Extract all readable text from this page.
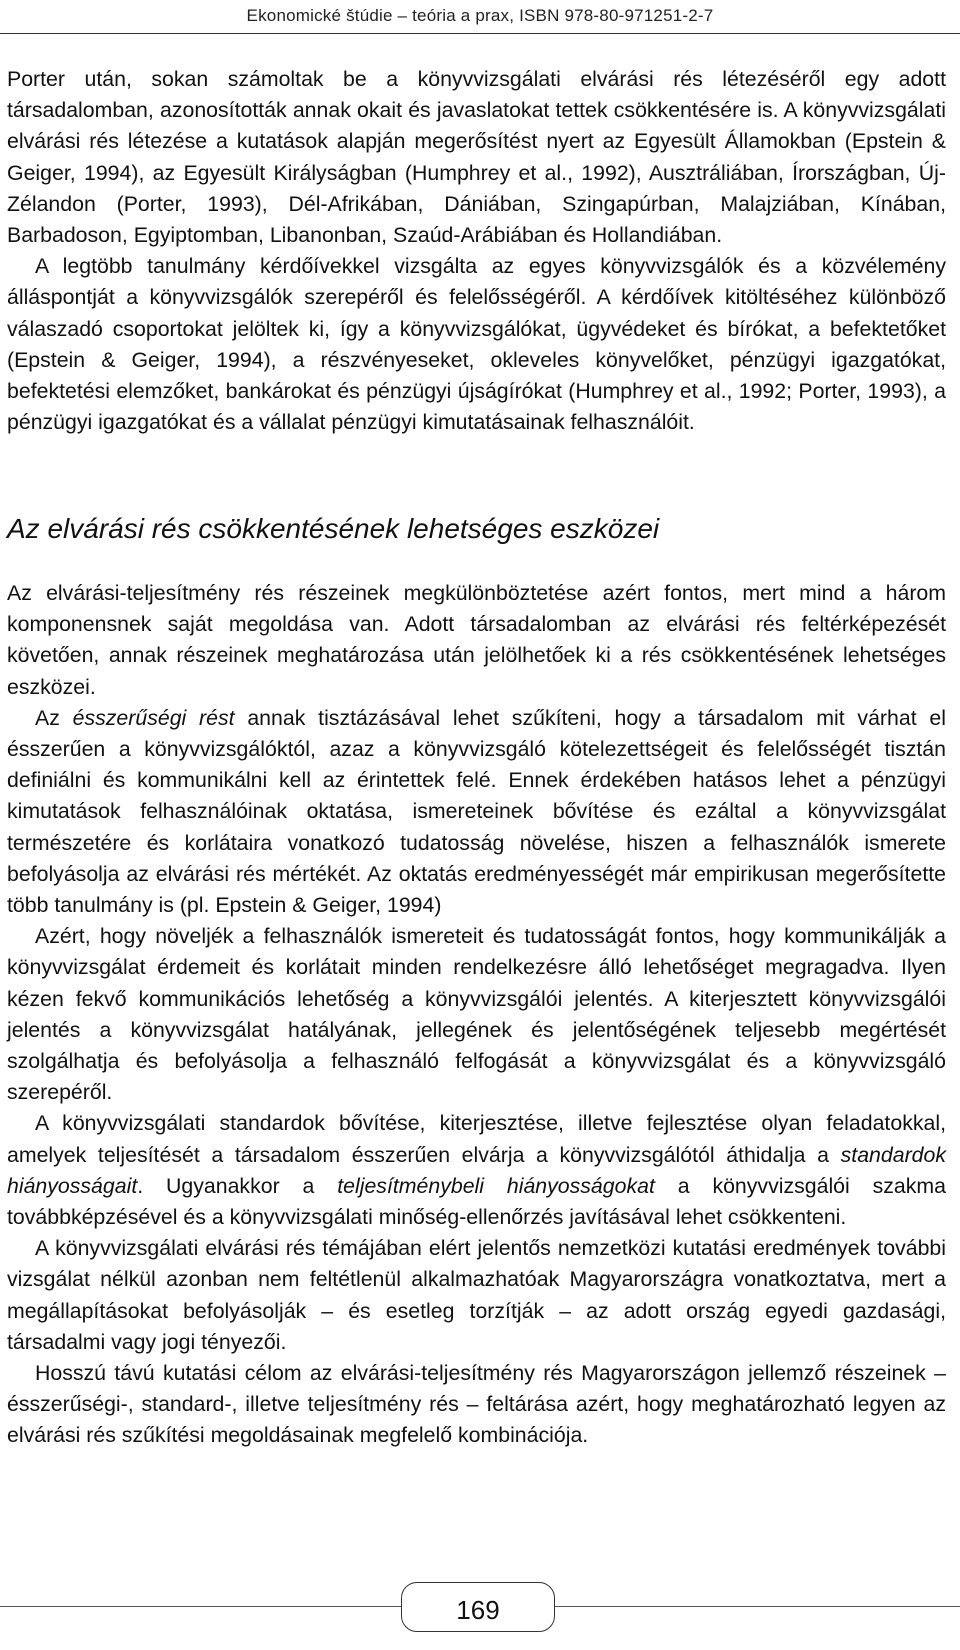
Ekonomické štúdie – teória a prax, ISBN 978-80-971251-2-7

Porter után, sokan számoltak be a könyvvizsgálati elvárási rés létezéséről egy adott társadalomban, azonosították annak okait és javaslatokat tettek csökkentésére is. A könyvvizsgálati elvárási rés létezése a kutatások alapján megerősítést nyert az Egyesült Államokban (Epstein & Geiger, 1994), az Egyesült Királyságban (Humphrey et al., 1992), Ausztráliában, Írországban, Új-Zélandon (Porter, 1993), Dél-Afrikában, Dániában, Szingapúrban, Malajziában, Kínában, Barbadoson, Egyiptomban, Libanonban, Szaúd-Arábiában és Hollandiában.

A legtöbb tanulmány kérdőívekkel vizsgálta az egyes könyvvizsgálók és a közvélemény álláspontját a könyvvizsgálók szerepéről és felelősségéről. A kérdőívek kitöltéséhez különböző válaszadó csoportokat jelöltek ki, így a könyvvizsgálókat, ügyvédeket és bírókat, a befektetőket (Epstein & Geiger, 1994), a részvényeseket, okleveles könyvelőket, pénzügyi igazgatókat, befektetési elemzőket, bankárokat és pénzügyi újságírókat (Humphrey et al., 1992; Porter, 1993), a pénzügyi igazgatókat és a vállalat pénzügyi kimutatásainak felhasználóit.

Az elvárási rés csökkentésének lehetséges eszközei

Az elvárási-teljesítmény rés részeinek megkülönböztetése azért fontos, mert mind a három komponensnek saját megoldása van. Adott társadalomban az elvárási rés feltérképezését követően, annak részeinek meghatározása után jelölhetőek ki a rés csökkentésének lehetséges eszközei.

Az ésszerűségi rést annak tisztázásával lehet szűkíteni, hogy a társadalom mit várhat el ésszerűen a könyvvizsgálóktól, azaz a könyvvizsgáló kötelezettségeit és felelősségét tisztán definiálni és kommunikálni kell az érintettek felé. Ennek érdekében hatásos lehet a pénzügyi kimutatások felhasználóinak oktatása, ismereteinek bővítése és ezáltal a könyvvizsgálat természetére és korlátaira vonatkozó tudatosság növelése, hiszen a felhasználók ismerete befolyásolja az elvárási rés mértékét. Az oktatás eredményességét már empirikusan megerősítette több tanulmány is (pl. Epstein & Geiger, 1994)

Azért, hogy növeljék a felhasználók ismereteit és tudatosságát fontos, hogy kommunikálják a könyvvizsgálat érdemeit és korlátait minden rendelkezésre álló lehetőséget megragadva. Ilyen kézen fekvő kommunikációs lehetőség a könyvvizsgálói jelentés. A kiterjesztett könyvvizsgálói jelentés a könyvvizsgálat hatályának, jellegének és jelentőségének teljesebb megértését szolgálhatja és befolyásolja a felhasználó felfogását a könyvvizsgálat és a könyvvizsgáló szerepéről.

A könyvvizsgálati standardok bővítése, kiterjesztése, illetve fejlesztése olyan feladatokkal, amelyek teljesítését a társadalom ésszerűen elvárja a könyvvizsgálótól áthidalja a standardok hiányosságait. Ugyanakkor a teljesítménybeli hiányosságokat a könyvvizsgálói szakma továbbképzésével és a könyvvizsgálati minőség-ellenőrzés javításával lehet csökkenteni.

A könyvvizsgálati elvárási rés témájában elért jelentős nemzetközi kutatási eredmények további vizsgálat nélkül azonban nem feltétlenül alkalmazhatóak Magyarországra vonatkoztatva, mert a megállapításokat befolyásolják – és esetleg torzítják – az adott ország egyedi gazdasági, társadalmi vagy jogi tényezői.

Hosszú távú kutatási célom az elvárási-teljesítmény rés Magyarországon jellemző részeinek – ésszerűségi-, standard-, illetve teljesítmény rés – feltárása azért, hogy meghatározható legyen az elvárási rés szűkítési megoldásainak megfelelő kombinációja.

169
